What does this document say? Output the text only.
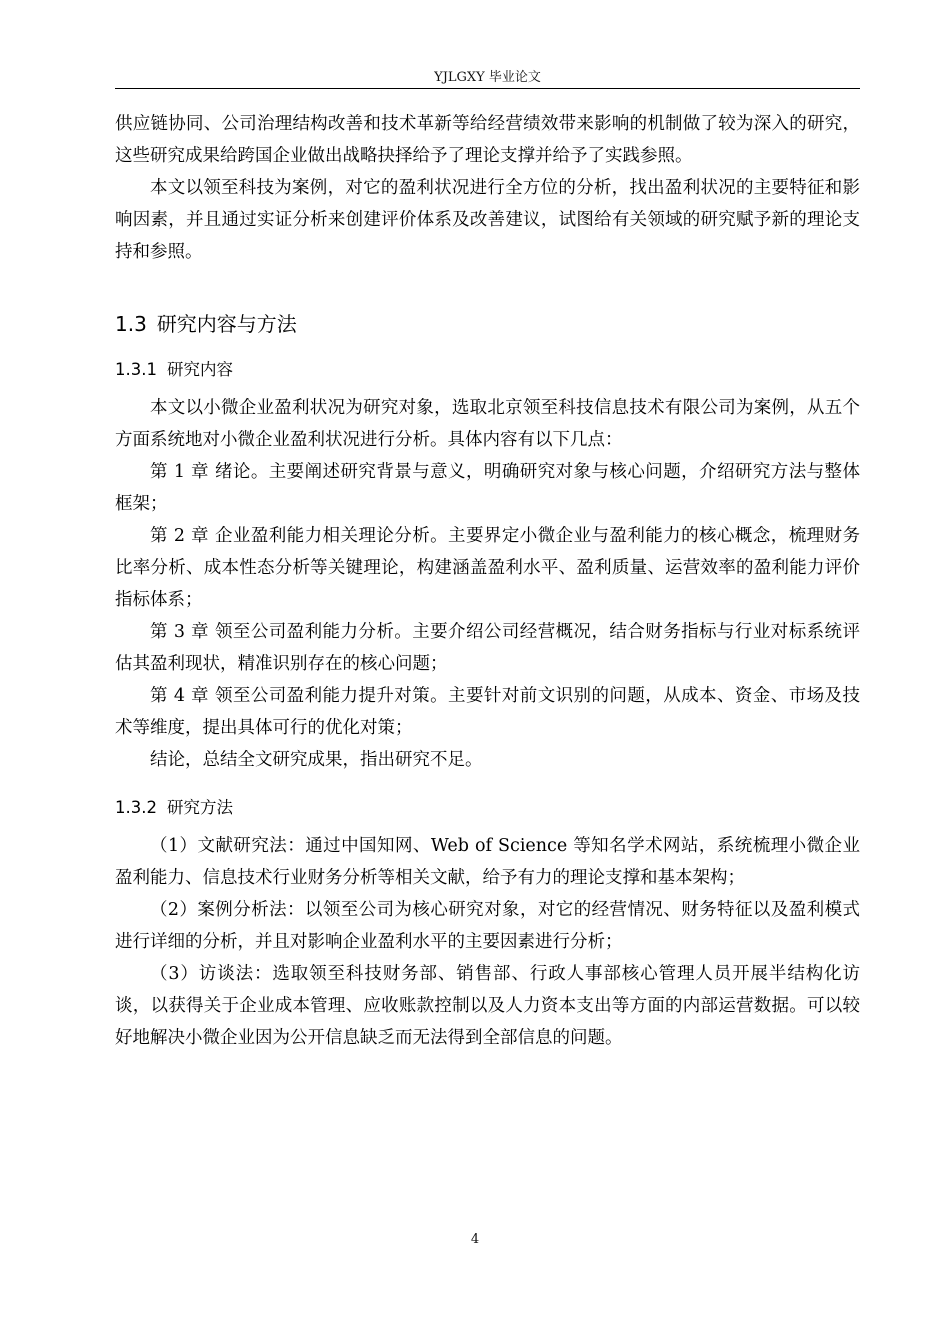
YJLGXY 毕业论文

供应链协同、公司治理结构改善和技术革新等给经营绩效带来影响的机制做了较为深入的研究，这些研究成果给跨国企业做出战略抉择给予了理论支撑并给予了实践参照。

本文以领至科技为案例，对它的盈利状况进行全方位的分析，找出盈利状况的主要特征和影响因素，并且通过实证分析来创建评价体系及改善建议，试图给有关领域的研究赋予新的理论支持和参照。

1.3 研究内容与方法
1.3.1 研究内容

本文以小微企业盈利状况为研究对象，选取北京领至科技信息技术有限公司为案例，从五个方面系统地对小微企业盈利状况进行分析。具体内容有以下几点：

第 1 章 绪论。主要阐述研究背景与意义，明确研究对象与核心问题，介绍研究方法与整体框架；

第 2 章 企业盈利能力相关理论分析。主要界定小微企业与盈利能力的核心概念，梳理财务比率分析、成本性态分析等关键理论，构建涵盖盈利水平、盈利质量、运营效率的盈利能力评价指标体系；

第 3 章 领至公司盈利能力分析。主要介绍公司经营概况，结合财务指标与行业对标系统评估其盈利现状，精准识别存在的核心问题；

第 4 章 领至公司盈利能力提升对策。主要针对前文识别的问题，从成本、资金、市场及技术等维度，提出具体可行的优化对策；

结论，总结全文研究成果，指出研究不足。

1.3.2 研究方法

（1）文献研究法：通过中国知网、Web of Science 等知名学术网站，系统梳理小微企业盈利能力、信息技术行业财务分析等相关文献，给予有力的理论支撑和基本架构；

（2）案例分析法：以领至公司为核心研究对象，对它的经营情况、财务特征以及盈利模式进行详细的分析，并且对影响企业盈利水平的主要因素进行分析；

（3）访谈法：选取领至科技财务部、销售部、行政人事部核心管理人员开展半结构化访谈，以获得关于企业成本管理、应收账款控制以及人力资本支出等方面的内部运营数据。可以较好地解决小微企业因为公开信息缺乏而无法得到全部信息的问题。

4
